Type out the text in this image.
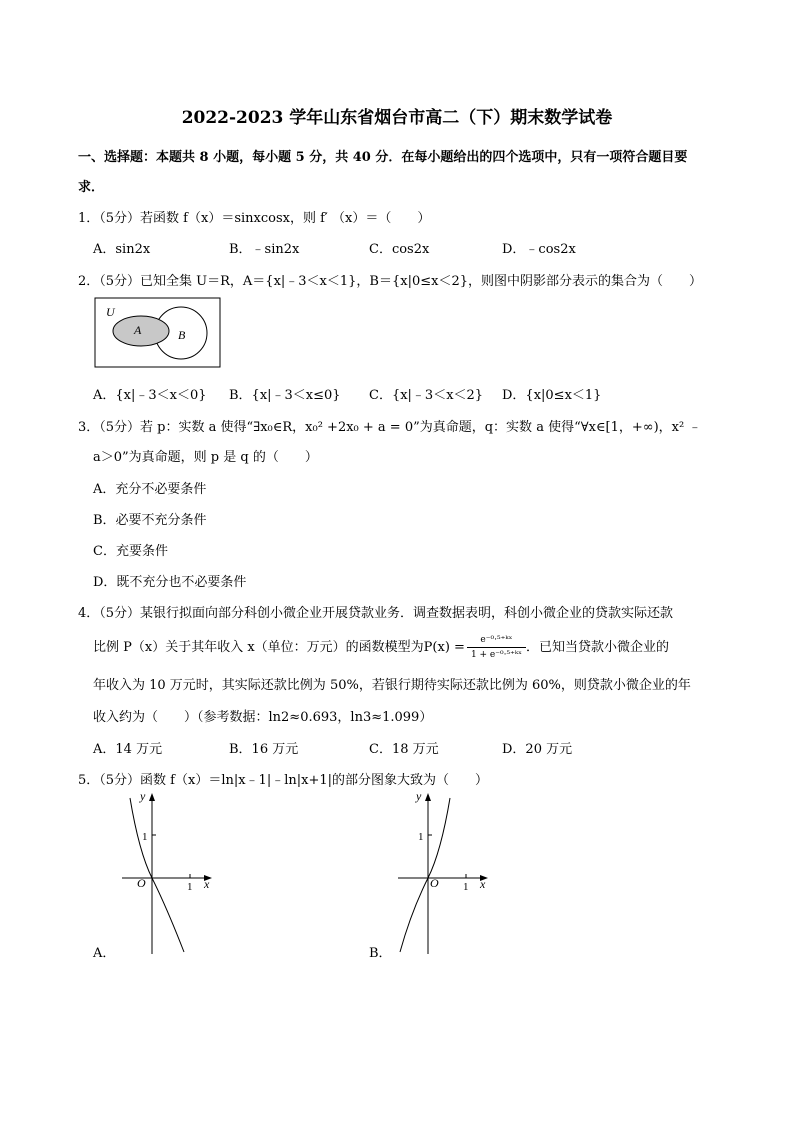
2022-2023 学年山东省烟台市高二（下）期末数学试卷
一、选择题：本题共 8 小题，每小题 5 分，共 40 分．在每小题给出的四个选项中，只有一项符合题目要
求．
1．（5分）若函数 f（x）＝sinxcosx，则 f′ （x）＝（　　）
A．sin2x	B．﹣sin2x	C．cos2x	D．﹣cos2x
2．（5分）已知全集 U＝R，A＝{x|﹣3＜x＜1}，B＝{x|0≤x＜2}，则图中阴影部分表示的集合为（　　）
U
A	B
A．{x|﹣3＜x＜0} B．{x|﹣3＜x≤0} C．{x|﹣3＜x＜2} D．{x|0≤x＜1}
3．（5分）若 p：实数 a 使得“∃x₀∈R，x₀² +2x₀ + a = 0”为真命题，q：实数 a 使得“∀x∈[1，+∞)，x² ﹣
a＞0”为真命题，则 p 是 q 的（　　）
A．充分不必要条件
B．必要不充分条件
C．充要条件
D．既不充分也不必要条件
4．（5分）某银行拟面向部分科创小微企业开展贷款业务．调查数据表明，科创小微企业的贷款实际还款
比例 P（x）关于其年收入 x（单位：万元）的函数模型为$P(x) = \frac{\text{e⁻⁰·⁵⁺ᵏˣ}}{\text{1 + e⁻⁰·⁵⁺ᵏˣ}}$ ．已知当贷款小微企业的
年收入为 10 万元时，其实际还款比例为 50%，若银行期待实际还款比例为 60%，则贷款小微企业的年
收入约为（　　）（参考数据：ln2≈0.693，ln3≈1.099）
A．14 万元	B．16 万元	C．18 万元	D．20 万元
5．（5分）函数 f（x）＝ln|x﹣1|﹣ln|x+1|的部分图象大致为（　　）
y
x
O
1
1
A．
y
x
O
1
1
B．
